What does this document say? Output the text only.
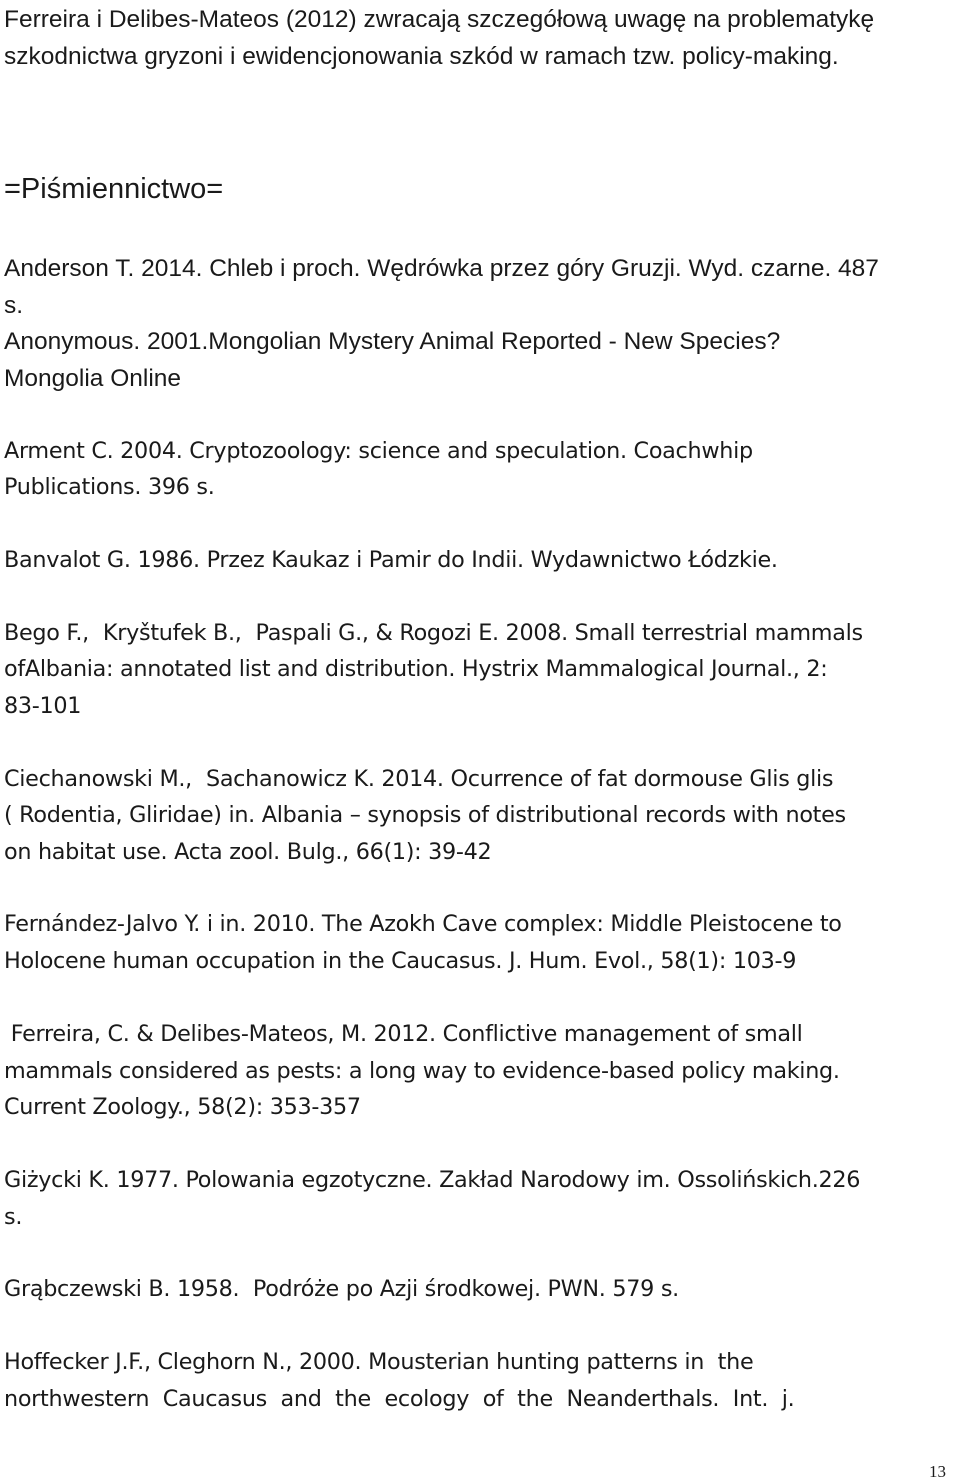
Ferreira i Delibes-Mateos (2012) zwracają szczegółową uwagę na problematykę
szkodnictwa gryzoni i ewidencjonowania szkód w ramach tzw. policy-making.
=Piśmiennictwo=
Anderson T. 2014. Chleb i proch. Wędrówka przez góry Gruzji. Wyd. czarne. 487
s.
Anonymous. 2001.Mongolian Mystery Animal Reported - New Species?
Mongolia Online
Arment C. 2004. Cryptozoology: science and speculation. Coachwhip
Publications. 396 s.
Banvalot G. 1986. Przez Kaukaz i Pamir do Indii. Wydawnictwo Łódzkie.
Bego F., Kryštufek B., Paspali G., & Rogozi E. 2008. Small terrestrial mammals
ofAlbania: annotated list and distribution. Hystrix Mammalogical Journal., 2:
83-101
Ciechanowski M., Sachanowicz K. 2014. Ocurrence of fat dormouse Glis glis
( Rodentia, Gliridae) in. Albania – synopsis of distributional records with notes
on habitat use. Acta zool. Bulg., 66(1): 39-42
Fernández-Jalvo Y. i in. 2010. The Azokh Cave complex: Middle Pleistocene to
Holocene human occupation in the Caucasus. J. Hum. Evol., 58(1): 103-9
Ferreira, C. & Delibes-Mateos, M. 2012. Conflictive management of small
mammals considered as pests: a long way to evidence-based policy making.
Current Zoology., 58(2): 353-357
Giżycki K. 1977. Polowania egzotyczne. Zakład Narodowy im. Ossolińskich.226
s.
Grąbczewski B. 1958.  Podróże po Azji środkowej. PWN. 579 s.
Hoffecker J.F., Cleghorn N., 2000. Mousterian hunting patterns in  the
northwestern  Caucasus  and  the  ecology  of  the  Neanderthals.  Int.  j.
13
